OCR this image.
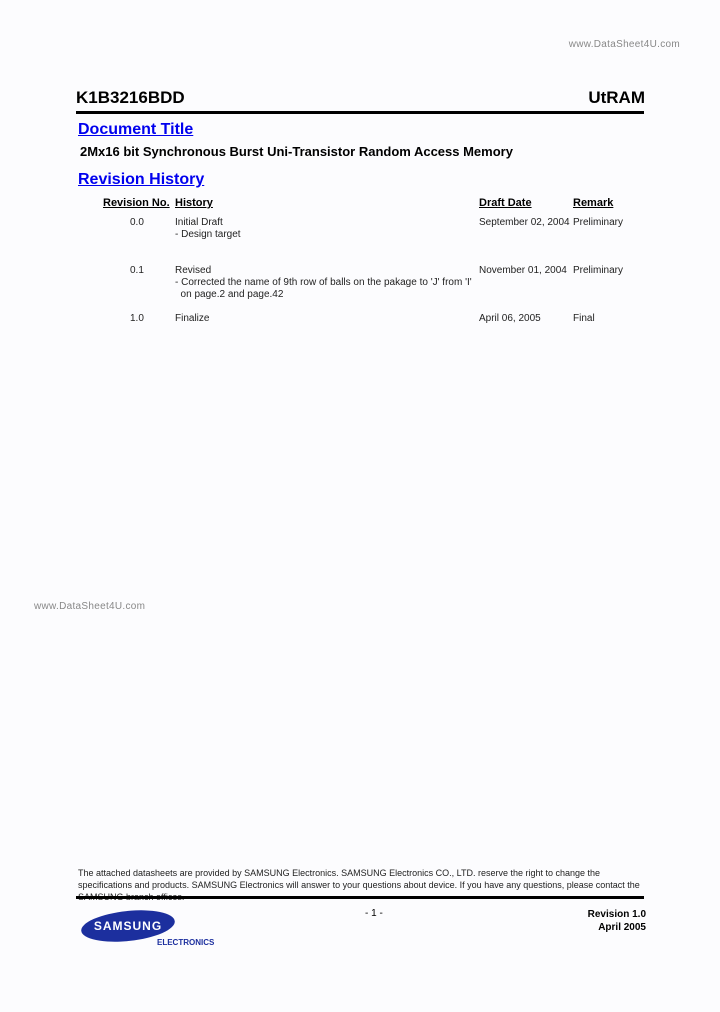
www.DataSheet4U.com
K1B3216BDD	UtRAM
Document Title
2Mx16 bit Synchronous Burst Uni-Transistor Random Access Memory
Revision History
Revision No. History	Draft Date	Remark
0.0	Initial Draft
- Design target
September 02, 2004 Preliminary
0.1	Revised
- Corrected the name of 9th row of balls on the pakage to 'J' from 'I'
on page.2 and page.42
November 01, 2004 Preliminary
1.0	Finalize	April 06, 2005	Final
www.DataSheet4U.com
The attached datasheets are provided by SAMSUNG Electronics. SAMSUNG Electronics CO., LTD. reserve the right to change the specifications and products. SAMSUNG Electronics will answer to your questions about device. If you have any questions, please contact the
SAMSUNG
ELECTRONICS
- 1 -	Revision 1.0
April 2005
